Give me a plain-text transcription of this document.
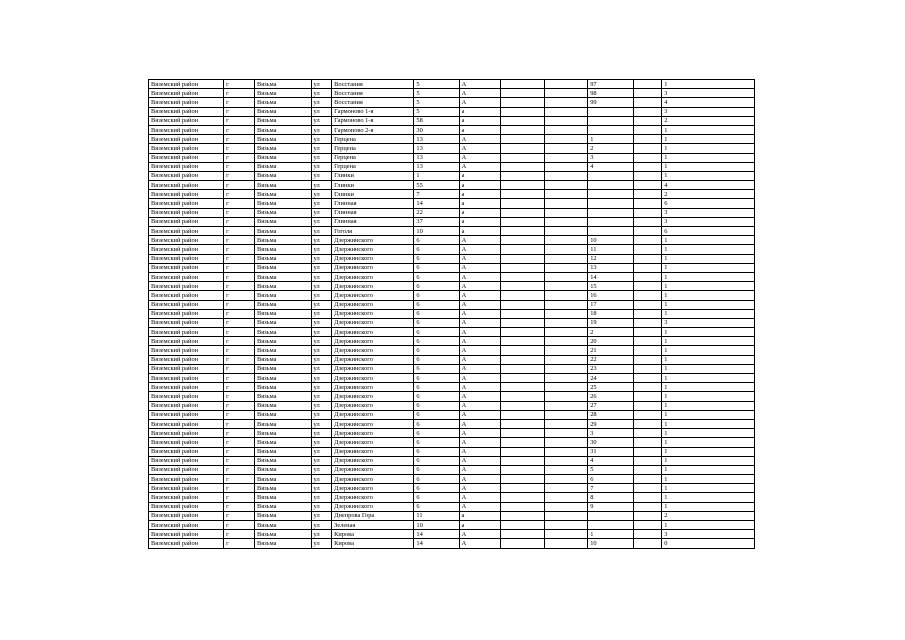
Вяземский район	г	Вязьма	ул	Восстания	5	А			97		1
Вяземский район	г	Вязьма	ул	Восстания	5	А			98		3
Вяземский район	г	Вязьма	ул	Восстания	5	А			99		4
Вяземский район	г	Вязьма	ул	Гармоново 1-я	5	а					3
Вяземский район	г	Вязьма	ул	Гармоново 1-я	58	а					2
Вяземский район	г	Вязьма	ул	Гармоново 2-я	30	а					1
Вяземский район	г	Вязьма	ул	Герцена	13	А			1		1
Вяземский район	г	Вязьма	ул	Герцена	13	А			2		1
Вяземский район	г	Вязьма	ул	Герцена	13	А			3		1
Вяземский район	г	Вязьма	ул	Герцена	13	А			4		1
Вяземский район	г	Вязьма	ул	Глинки	1	а					1
Вяземский район	г	Вязьма	ул	Глинки	55	а					4
Вяземский район	г	Вязьма	ул	Глинки	7	а					2
Вяземский район	г	Вязьма	ул	Глинная	14	а					6
Вяземский район	г	Вязьма	ул	Глинная	22	а					3
Вяземский район	г	Вязьма	ул	Глинная	37	а					3
Вяземский район	г	Вязьма	ул	Гоголя	10	а					6
Вяземский район	г	Вязьма	ул	Дзержинского	6	А			10		1
Вяземский район	г	Вязьма	ул	Дзержинского	6	А			11		1
Вяземский район	г	Вязьма	ул	Дзержинского	6	А			12		1
Вяземский район	г	Вязьма	ул	Дзержинского	6	А			13		1
Вяземский район	г	Вязьма	ул	Дзержинского	6	А			14		1
Вяземский район	г	Вязьма	ул	Дзержинского	6	А			15		1
Вяземский район	г	Вязьма	ул	Дзержинского	6	А			16		1
Вяземский район	г	Вязьма	ул	Дзержинского	6	А			17		1
Вяземский район	г	Вязьма	ул	Дзержинского	6	А			18		1
Вяземский район	г	Вязьма	ул	Дзержинского	6	А			19		3
Вяземский район	г	Вязьма	ул	Дзержинского	6	А			2		1
Вяземский район	г	Вязьма	ул	Дзержинского	6	А			20		1
Вяземский район	г	Вязьма	ул	Дзержинского	6	А			21		1
Вяземский район	г	Вязьма	ул	Дзержинского	6	А			22		1
Вяземский район	г	Вязьма	ул	Дзержинского	6	А			23		1
Вяземский район	г	Вязьма	ул	Дзержинского	6	А			24		1
Вяземский район	г	Вязьма	ул	Дзержинского	6	А			25		1
Вяземский район	г	Вязьма	ул	Дзержинского	6	А			26		1
Вяземский район	г	Вязьма	ул	Дзержинского	6	А			27		1
Вяземский район	г	Вязьма	ул	Дзержинского	6	А			28		1
Вяземский район	г	Вязьма	ул	Дзержинского	6	А			29		1
Вяземский район	г	Вязьма	ул	Дзержинского	6	А			3		1
Вяземский район	г	Вязьма	ул	Дзержинского	6	А			30		1
Вяземский район	г	Вязьма	ул	Дзержинского	6	А			31		1
Вяземский район	г	Вязьма	ул	Дзержинского	6	А			4		1
Вяземский район	г	Вязьма	ул	Дзержинского	6	А			5		1
Вяземский район	г	Вязьма	ул	Дзержинского	6	А			6		1
Вяземский район	г	Вязьма	ул	Дзержинского	6	А			7		1
Вяземский район	г	Вязьма	ул	Дзержинского	6	А			8		1
Вяземский район	г	Вязьма	ул	Дзержинского	6	А			9		1
Вяземский район	г	Вязьма	ул	Днепрова Гора	11	а					2
Вяземский район	г	Вязьма	ул	Зеленая	10	а					1
Вяземский район	г	Вязьма	ул	Кирова	14	А			1		3
Вяземский район	г	Вязьма	ул	Кирова	14	А			10		0
